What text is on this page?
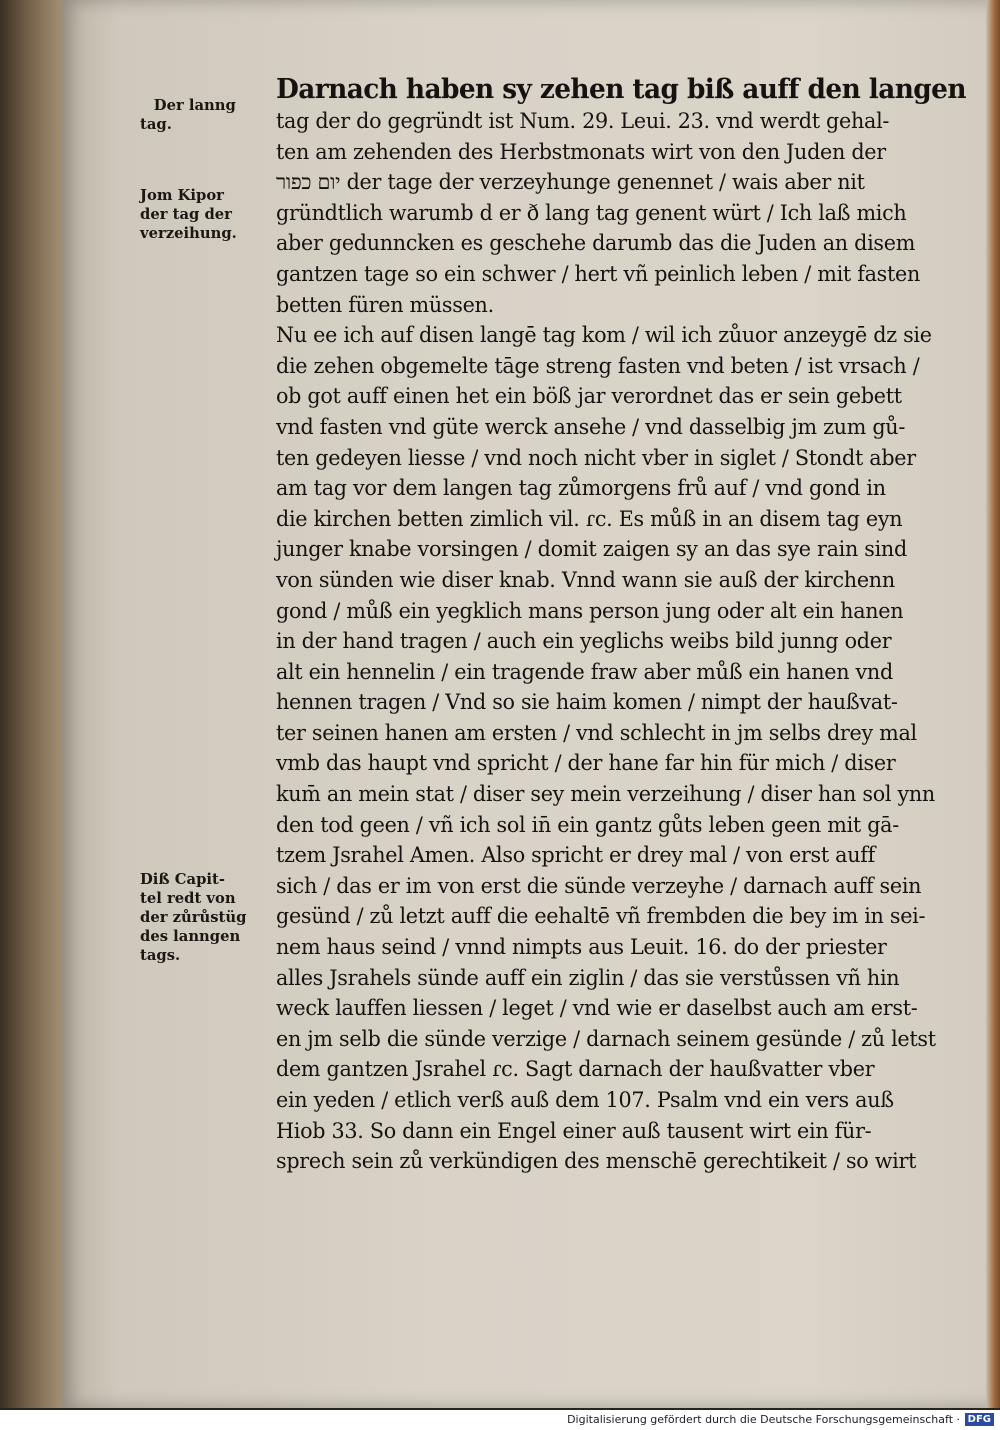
Der lanng
tag.
Jom Kipor
der tag der
verzeihung.
Diß Capit-
tel redt von
der zůrůstüg
des lanngen
tags.
Darnach haben sy zehen tag biß auff den langen
tag der do gegründt ist Num. 29. Leui. 23. vnd werdt gehal-
ten am zehenden des Herbstmonats wirt von den Juden der
יום כפור der tage der verzeyhunge genennet / wais aber nit
gründtlich warumb d er ð lang tag genent würt / Ich laß mich
aber gedunncken es geschehe darumb das die Juden an disem
gantzen tage so ein schwer / hert vñ peinlich leben / mit fasten
betten füren müssen.
Nu ee ich auf disen langē tag kom / wil ich zůuor anzeygē dz sie
die zehen obgemelte tāge streng fasten vnd beten / ist vrsach /
ob got auff einen het ein böß jar verordnet das er sein gebett
vnd fasten vnd güte werck ansehe / vnd dasselbig jm zum gů-
ten gedeyen liesse / vnd noch nicht vber in siglet / Stondt aber
am tag vor dem langen tag zůmorgens frů auf / vnd gond in
die kirchen betten zimlich vil. ɾc. Es můß in an disem tag eyn
junger knabe vorsingen / domit zaigen sy an das sye rain sind
von sünden wie diser knab. Vnnd wann sie auß der kirchenn
gond / můß ein yegklich mans person jung oder alt ein hanen
in der hand tragen / auch ein yeglichs weibs bild junng oder
alt ein hennelin / ein tragende fraw aber můß ein hanen vnd
hennen tragen / Vnd so sie haim komen / nimpt der haußvat-
ter seinen hanen am ersten / vnd schlecht in jm selbs drey mal
vmb das haupt vnd spricht / der hane far hin für mich / diser
kum̄ an mein stat / diser sey mein verzeihung / diser han sol ynn
den tod geen / vñ ich sol in̄ ein gantz gůts leben geen mit gā-
tzem Jsrahel Amen. Also spricht er drey mal / von erst auff
sich / das er im von erst die sünde verzeyhe / darnach auff sein
gesünd / zů letzt auff die eehaltē vñ frembden die bey im in sei-
nem haus seind / vnnd nimpts aus Leuit. 16. do der priester
alles Jsrahels sünde auff ein ziglin / das sie verstůssen vñ hin
weck lauffen liessen / leget / vnd wie er daselbst auch am erst-
en jm selb die sünde verzige / darnach seinem gesünde / zů letst
dem gantzen Jsrahel ɾc. Sagt darnach der haußvatter vber
ein yeden / etlich verß auß dem 107. Psalm vnd ein vers auß
Hiob 33. So dann ein Engel einer auß tausent wirt ein für-
sprech sein zů verkündigen des menschē gerechtikeit / so wirt
Digitalisierung gefördert durch die Deutsche Forschungsgemeinschaft · DFG
